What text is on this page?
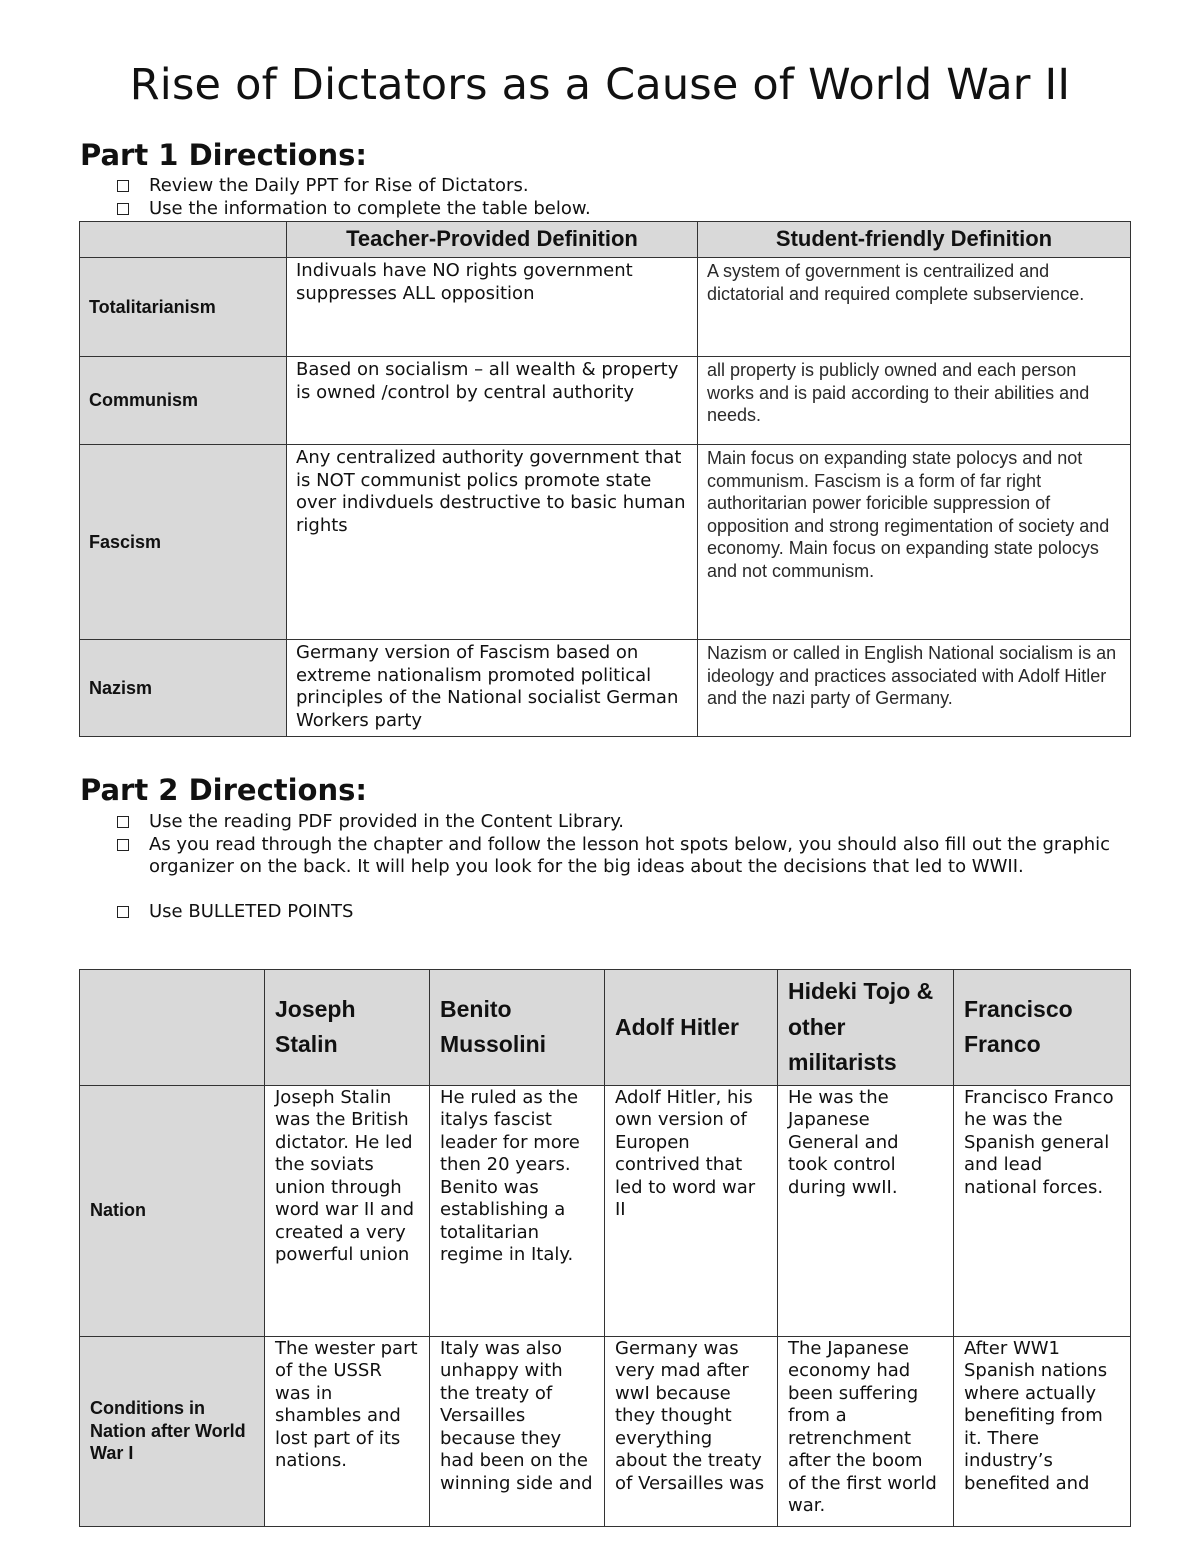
Rise of Dictators as a Cause of World War II
Part 1 Directions:
Review the Daily PPT for Rise of Dictators.
Use the information to complete the table below.
	Teacher-Provided Definition	Student-friendly Definition
Totalitarianism	Indivuals have NO rights government suppresses ALL opposition	A system of government is centrailized and dictatorial and required complete subservience.
Communism	Based on socialism – all wealth & property is owned /control by central authority	all property is publicly owned and each person works and is paid according to their abilities and needs.
Fascism	Any centralized authority government that is NOT communist polics promote state over indivduels destructive to basic human rights	Main focus on expanding state polocys and not communism. Fascism is a form of far right authoritarian power foricible suppression of opposition and strong regimentation of society and economy. Main focus on expanding state polocys and not communism.
Nazism	Germany version of Fascism based on extreme nationalism promoted political principles of the National socialist German Workers party	Nazism or called in English National socialism is an ideology and practices associated with Adolf Hitler and the nazi party of Germany.
Part 2 Directions:
Use the reading PDF provided in the Content Library.
As you read through the chapter and follow the lesson hot spots below, you should also fill out the graphic organizer on the back. It will help you look for the big ideas about the decisions that led to WWII.
Use BULLETED POINTS
	Joseph Stalin	Benito Mussolini	Adolf Hitler	Hideki Tojo & other militarists	Francisco Franco
Nation	Joseph Stalin was the British dictator. He led the soviats union through word war II and created a very powerful union	He ruled as the italys fascist leader for more then 20 years. Benito was establishing a totalitarian regime in Italy.	Adolf Hitler, his own version of Europen contrived that led to word war II	He was the Japanese General and took control during wwII.	Francisco Franco he was the Spanish general and lead national forces.
Conditions in Nation after World War I	The wester part of the USSR was in shambles and lost part of its nations.	Italy was also unhappy with the treaty of Versailles because they had been on the winning side and	Germany was very mad after wwI because they thought everything about the treaty of Versailles was	The Japanese economy had been suffering from a retrenchment after the boom of the first world war.	After WW1 Spanish nations where actually benefiting from it. There industry’s benefited and
